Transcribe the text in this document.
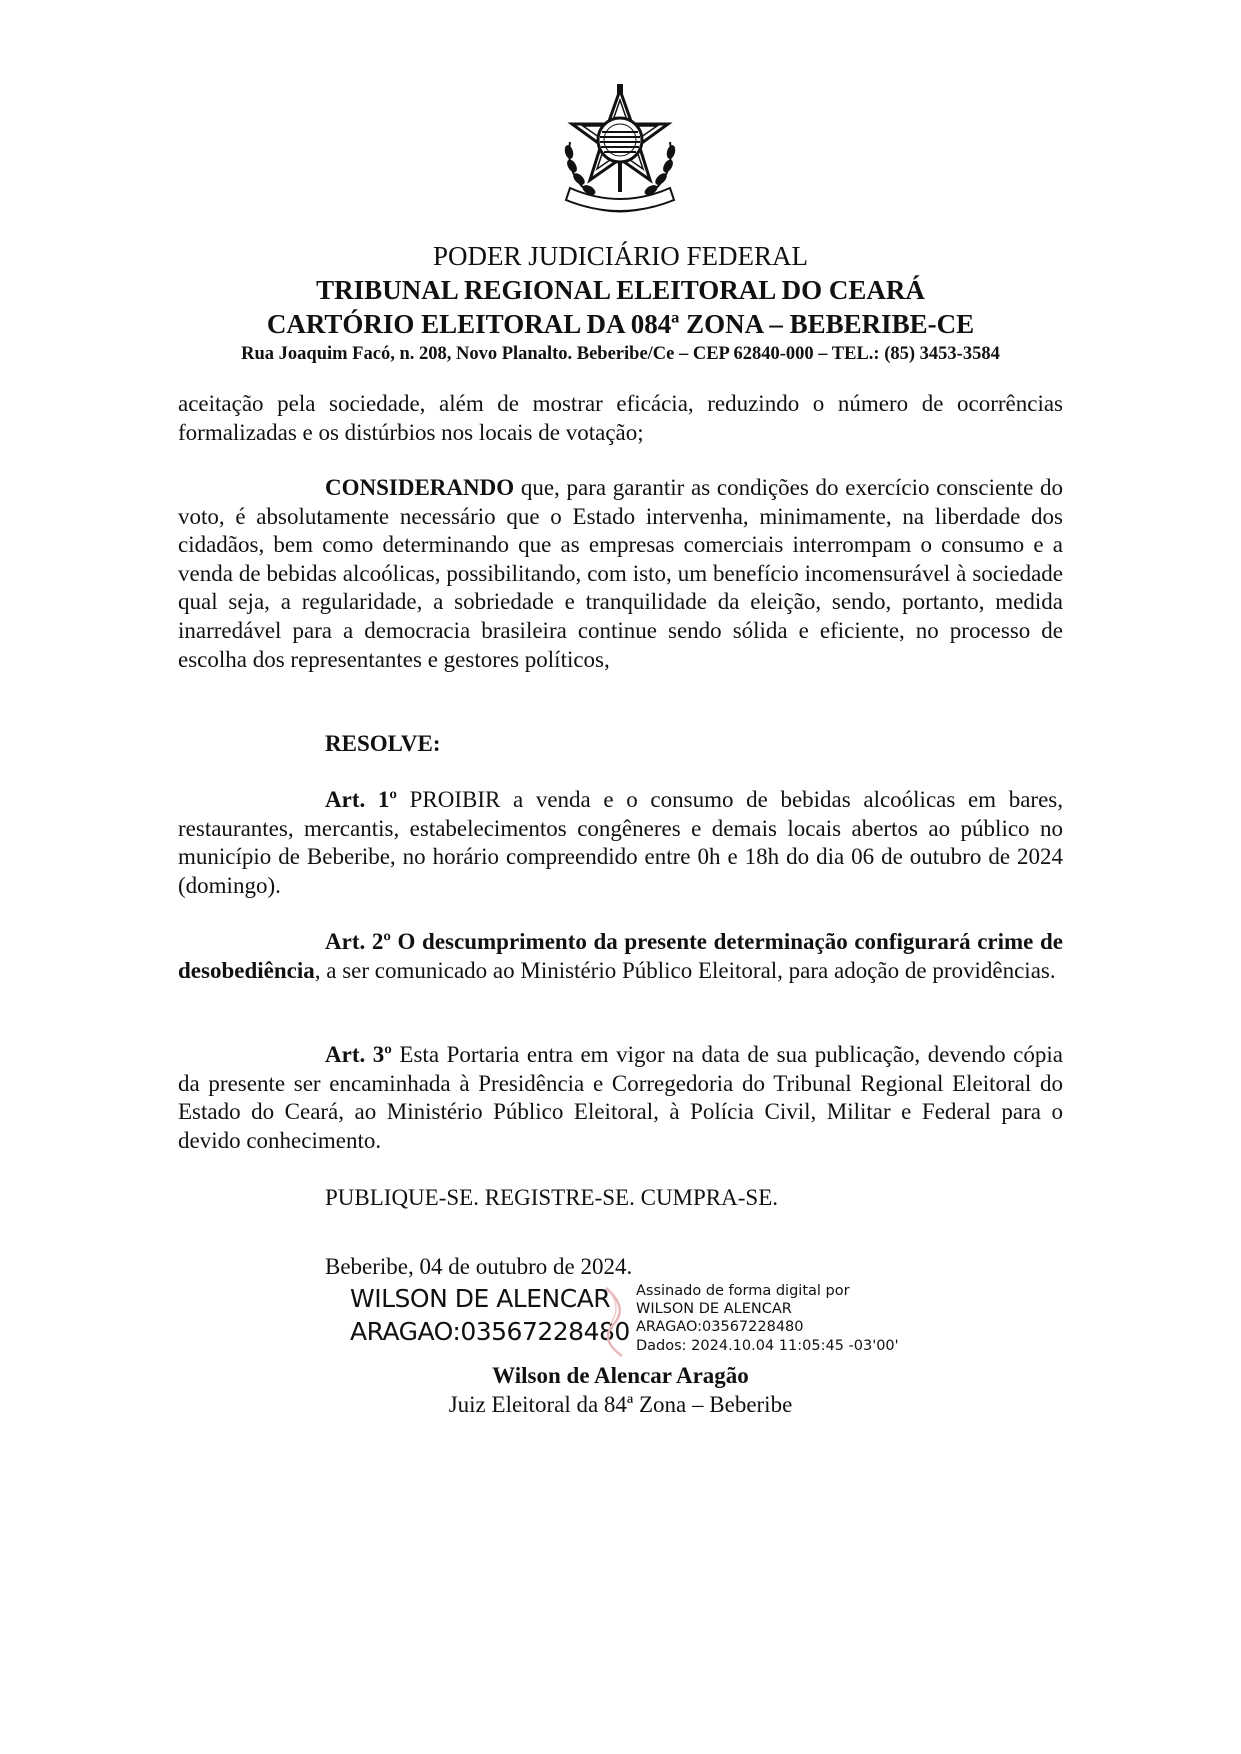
PODER JUDICIÁRIO FEDERAL
TRIBUNAL REGIONAL ELEITORAL DO CEARÁ
CARTÓRIO ELEITORAL DA 084ª ZONA – BEBERIBE-CE
Rua Joaquim Facó, n. 208, Novo Planalto. Beberibe/Ce – CEP 62840-000 – TEL.: (85) 3453-3584

aceitação pela sociedade, além de mostrar eficácia, reduzindo o número de ocorrências formalizadas e os distúrbios nos locais de votação;

CONSIDERANDO que, para garantir as condições do exercício consciente do voto, é absolutamente necessário que o Estado intervenha, minimamente, na liberdade dos cidadãos, bem como determinando que as empresas comerciais interrompam o consumo e a venda de bebidas alcoólicas, possibilitando, com isto, um benefício incomensurável à sociedade qual seja, a regularidade, a sobriedade e tranquilidade da eleição, sendo, portanto, medida inarredável para a democracia brasileira continue sendo sólida e eficiente, no processo de escolha dos representantes e gestores políticos,

RESOLVE:

Art. 1º PROIBIR a venda e o consumo de bebidas alcoólicas em bares, restaurantes, mercantis, estabelecimentos congêneres e demais locais abertos ao público no município de Beberibe, no horário compreendido entre 0h e 18h do dia 06 de outubro de 2024 (domingo).

Art. 2º O descumprimento da presente determinação configurará crime de desobediência, a ser comunicado ao Ministério Público Eleitoral, para adoção de providências.

Art. 3º Esta Portaria entra em vigor na data de sua publicação, devendo cópia da presente ser encaminhada à Presidência e Corregedoria do Tribunal Regional Eleitoral do Estado do Ceará, ao Ministério Público Eleitoral, à Polícia Civil, Militar e Federal para o devido conhecimento.

PUBLIQUE-SE. REGISTRE-SE. CUMPRA-SE.

Beberibe, 04 de outubro de 2024.

WILSON DE ALENCAR
ARAGAO:03567228480
Assinado de forma digital por
WILSON DE ALENCAR
ARAGAO:03567228480
Dados: 2024.10.04 11:05:45 -03'00'
Wilson de Alencar Aragão
Juiz Eleitoral da 84ª Zona – Beberibe
